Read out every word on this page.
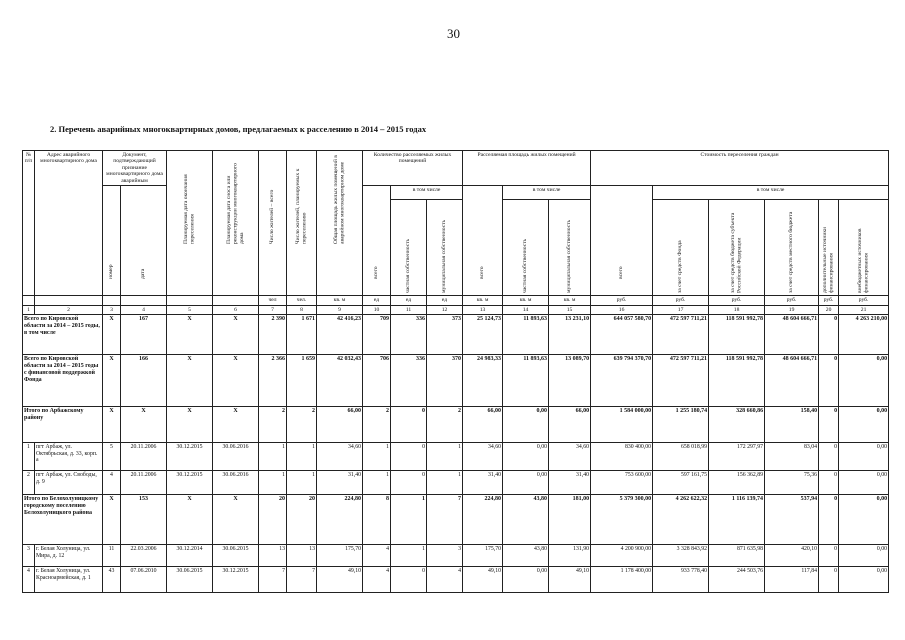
30
2. Перечень аварийных многоквартирных домов, предлагаемых к расселению в 2014 – 2015 годах
№ п/п	Адрес аварийного многоквартирного дома	Документ, подтверждающий признание многоквартирного дома аварийным		Планируемая дата окончания переселения	Планируемая дата сноса или реконструкции многоквартирного дома	Число жителей – всего	Число жителей, планируемых к переселению	Общая площадь жилых помещений в аварийном многоквартирном доме	Количество расселяемых жилых помещений			Расселяемая площадь жилых помещений			Стоимость переселения граждан					

		номер	дата						всего	в том числе		всего	в том числе		всего	в том числе				

										частная собственность	муниципальная собственность		частная собственность	муниципальная собственность		за счет средств Фонда	за счет средств бюджета субъекта Российской Федерации	за счет средств местного бюджета	дополнительные источники финансирования	внебюджетных источников финансирования

						чел	чел.	кв. м	ед	ед	ед	кв. м	кв. м	кв. м	руб.	руб.	руб.	руб.	руб.	руб.
1	2	3	4	5	6	7	8	9	10	11	12	13	14	15	16	17	18	19	20	21
Всего по Кировской области за 2014 – 2015 годы, в том числе		X	167	X	X	2 390	1 671	42 416,23	709	336	373	25 124,73	11 893,63	13 231,10	644 057 580,70	472 597 711,21	118 591 992,78	48 604 666,71	0	4 263 210,00
Всего по Кировской области за 2014 – 2015 годы с финансовой поддержкой Фонда		X	166	X	X	2 366	1 659	42 032,43	706	336	370	24 983,33	11 893,63	13 089,70	639 794 370,70	472 597 711,21	118 591 992,78	48 604 666,71	0	0,00
Итого по Арбажскому району		X	X	X	X	2	2	66,00	2	0	2	66,00	0,00	66,00	1 584 000,00	1 255 180,74	328 660,86	158,40	0	0,00
1	пгт Арбаж, ул. Октябрьская, д. 33, корп. а	5	20.11.2006	30.12.2015	30.06.2016	1	1	34,60	1	0	1	34,60	0,00	34,60	830 400,00	658 018,99	172 297,97	83,04	0	0,00
2	пгт Арбаж, ул. Свободы, д. 9	4	20.11.2006	30.12.2015	30.06.2016	1	1	31,40	1	0	1	31,40	0,00	31,40	753 600,00	597 161,75	156 362,89	75,36	0	0,00
Итого по Белохолуницкому городскому поселению Белохолуницкого района		X	153	X	X	20	20	224,80	8	1	7	224,80	43,80	181,00	5 379 300,00	4 262 622,32	1 116 139,74	537,94	0	0,00
3	г. Белая Холуница, ул. Мира, д. 12	11	22.03.2006	30.12.2014	30.06.2015	13	13	175,70	4	1	3	175,70	43,80	131,90	4 200 900,00	3 328 843,92	871 635,98	420,10	0	0,00
4	г. Белая Холуница, ул. Красноармейская, д. 1	43	07.06.2010	30.06.2015	30.12.2015	7	7	49,10	4	0	4	49,10	0,00	49,10	1 178 400,00	933 778,40	244 503,76	117,84	0	0,00
